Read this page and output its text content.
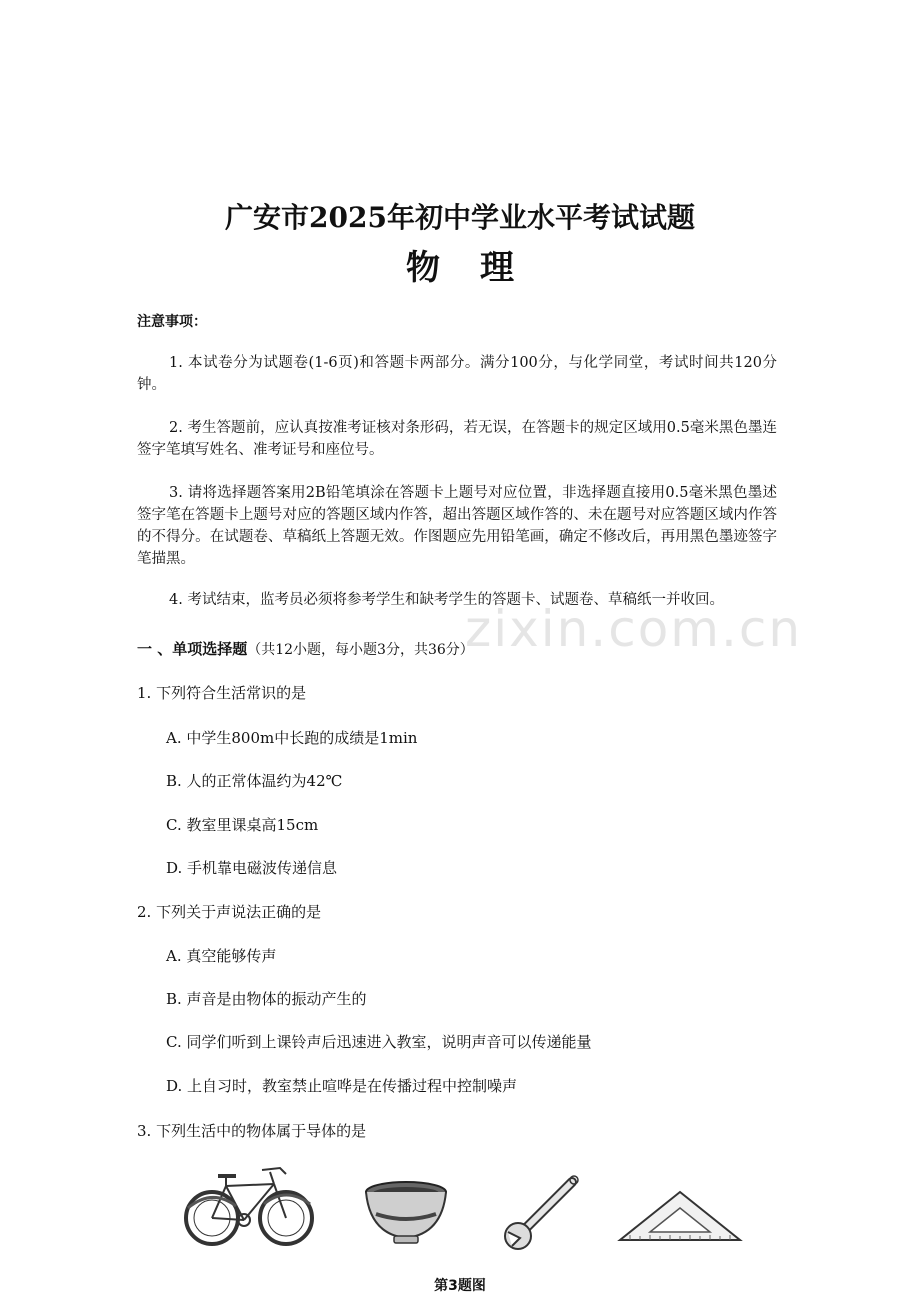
zixin.com.cn
广安市2025年初中学业水平考试试题
物理
注意事项：
1. 本试卷分为试题卷(1-6页)和答题卡两部分。满分100分，与化学同堂，考试时间共120分钟。
2. 考生答题前，应认真按准考证核对条形码，若无误，在答题卡的规定区域用0.5毫米黑色墨连签字笔填写姓名、准考证号和座位号。
3. 请将选择题答案用2B铅笔填涂在答题卡上题号对应位置，非选择题直接用0.5毫米黑色墨述签字笔在答题卡上题号对应的答题区域内作答，超出答题区域作答的、未在题号对应答题区域内作答的不得分。在试题卷、草稿纸上答题无效。作图题应先用铅笔画，确定不修改后，再用黑色墨迹签字笔描黑。
4. 考试结束，监考员必须将参考学生和缺考学生的答题卡、试题卷、草稿纸一并收回。
一 、单项选择题（共12小题，每小题3分，共36分）
1. 下列符合生活常识的是
A. 中学生800m中长跑的成绩是1min
B. 人的正常体温约为42℃
C. 教室里课桌高15cm
D. 手机靠电磁波传递信息
2. 下列关于声说法正确的是
A. 真空能够传声
B. 声音是由物体的振动产生的
C. 同学们听到上课铃声后迅速进入教室，说明声音可以传递能量
D. 上自习时，教室禁止喧哗是在传播过程中控制噪声
3. 下列生活中的物体属于导体的是
第3题图
